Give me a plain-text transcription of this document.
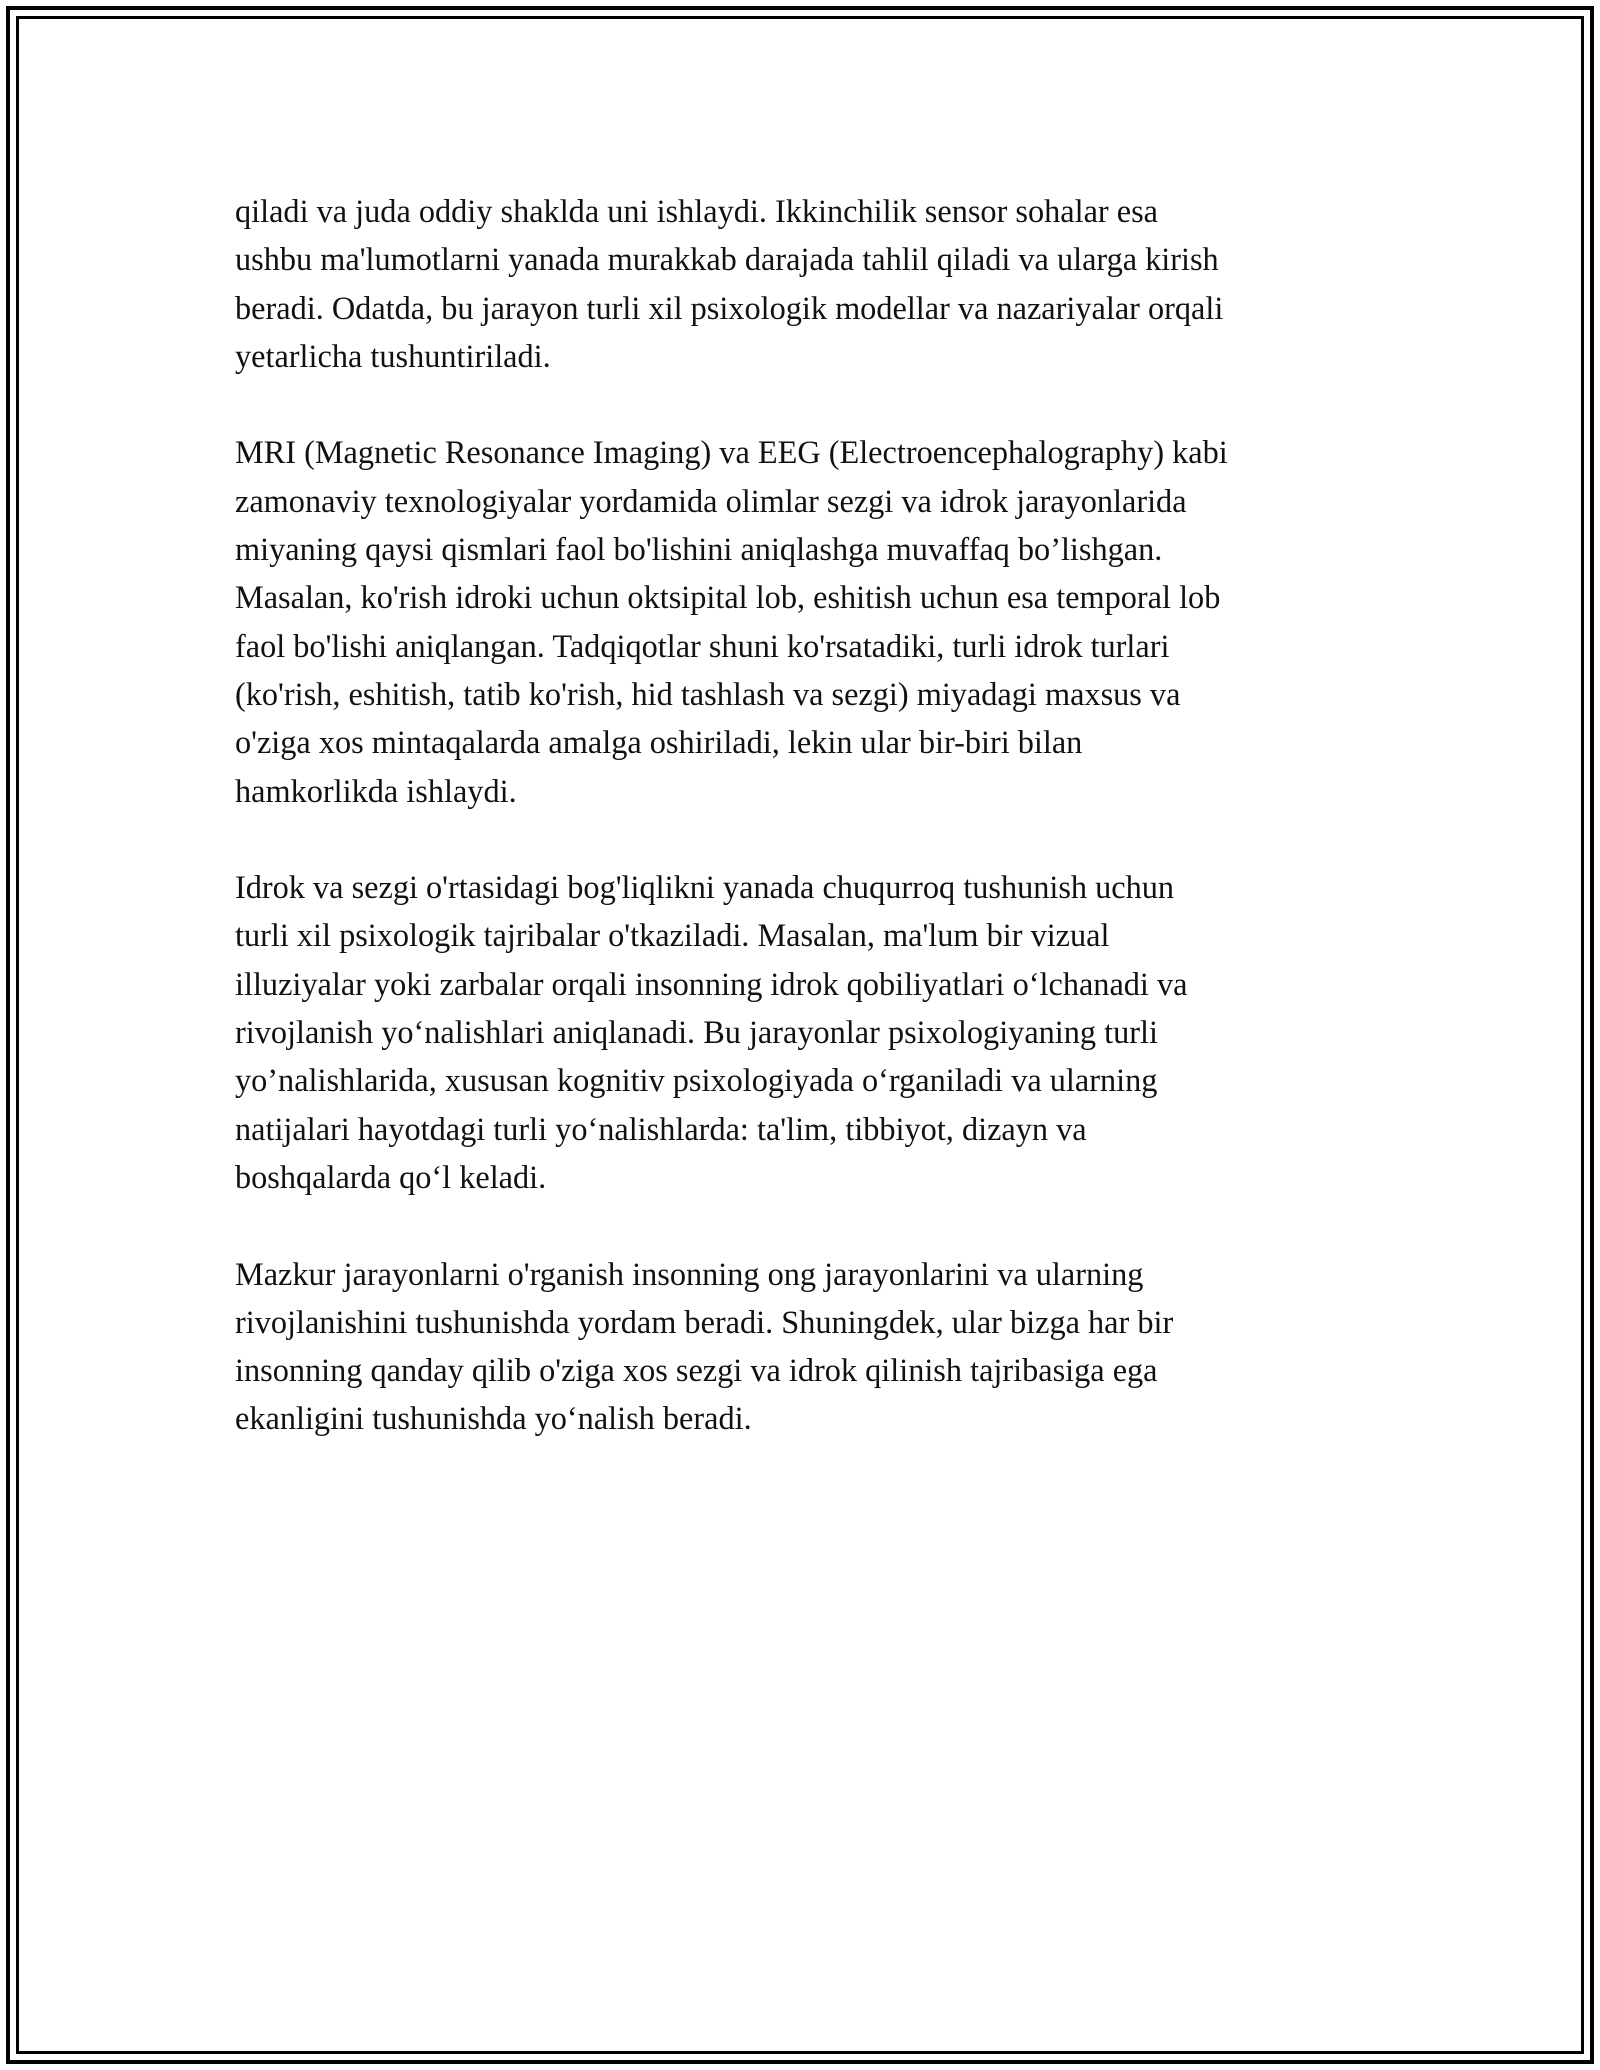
qiladi va juda oddiy shaklda uni ishlaydi. Ikkinchilik sensor sohalar esa
ushbu ma'lumotlarni yanada murakkab darajada tahlil qiladi va ularga kirish
beradi. Odatda, bu jarayon turli xil psixologik modellar va nazariyalar orqali
yetarlicha tushuntiriladi.
MRI (Magnetic Resonance Imaging) va EEG (Electroencephalography) kabi
zamonaviy texnologiyalar yordamida olimlar sezgi va idrok jarayonlarida
miyaning qaysi qismlari faol bo'lishini aniqlashga muvaffaq bo’lishgan.
Masalan, ko'rish idroki uchun oktsipital lob, eshitish uchun esa temporal lob
faol bo'lishi aniqlangan. Tadqiqotlar shuni ko'rsatadiki, turli idrok turlari
(ko'rish, eshitish, tatib ko'rish, hid tashlash va sezgi) miyadagi maxsus va
o'ziga xos mintaqalarda amalga oshiriladi, lekin ular bir-biri bilan
hamkorlikda ishlaydi.
Idrok va sezgi o'rtasidagi bog'liqlikni yanada chuqurroq tushunish uchun
turli xil psixologik tajribalar o'tkaziladi. Masalan, ma'lum bir vizual
illuziyalar yoki zarbalar orqali insonning idrok qobiliyatlari oʻlchanadi va
rivojlanish yoʻnalishlari aniqlanadi. Bu jarayonlar psixologiyaning turli
yo’nalishlarida, xususan kognitiv psixologiyada oʻrganiladi va ularning
natijalari hayotdagi turli yoʻnalishlarda: ta'lim, tibbiyot, dizayn va
boshqalarda qoʻl keladi.
Mazkur jarayonlarni o'rganish insonning ong jarayonlarini va ularning
rivojlanishini tushunishda yordam beradi. Shuningdek, ular bizga har bir
insonning qanday qilib o'ziga xos sezgi va idrok qilinish tajribasiga ega
ekanligini tushunishda yoʻnalish beradi.
